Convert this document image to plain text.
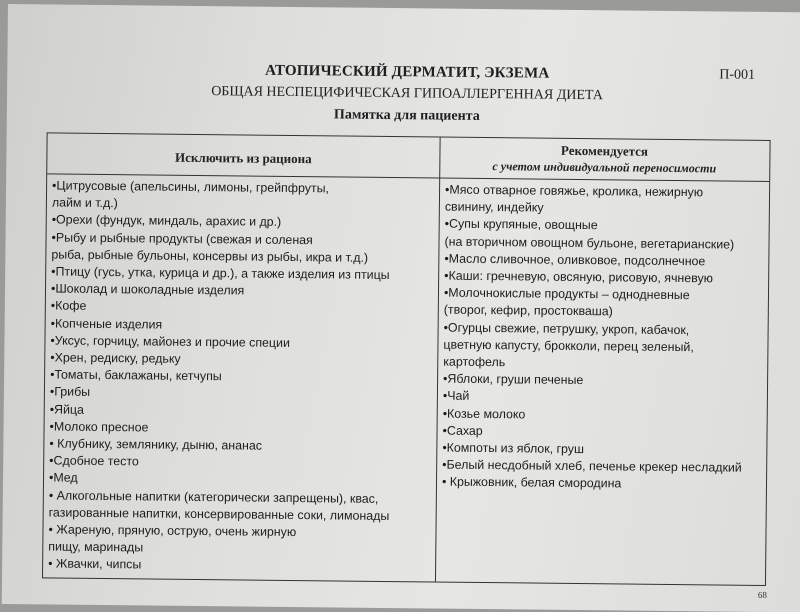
П-001
АТОПИЧЕСКИЙ ДЕРМАТИТ, ЭКЗЕМА
ОБЩАЯ НЕСПЕЦИФИЧЕСКАЯ ГИПОАЛЛЕРГЕННАЯ ДИЕТА
Памятка для пациента
Исключить из рациона	Рекомендуется
с учетом индивидуальной переносимости
•Цитрусовые (апельсины, лимоны, грейпфруты,
лайм и т.д.)
•Орехи (фундук, миндаль, арахис и др.)
•Рыбу и рыбные продукты (свежая и соленая
рыба, рыбные бульоны, консервы из рыбы, икра и т.д.)
•Птицу (гусь, утка, курица и др.), а также изделия из птицы
•Шоколад и шоколадные изделия
•Кофе
•Копченые изделия
•Уксус, горчицу, майонез и прочие специи
•Хрен, редиску, редьку
•Томаты, баклажаны, кетчупы
•Грибы
•Яйца
•Молоко пресное
• Клубнику, землянику, дыню, ананас
•Сдобное тесто
•Мед
• Алкогольные напитки (категорически запрещены), квас,
газированные напитки, консервированные соки, лимонады
• Жареную, пряную, острую, очень жирную
пищу, маринады
• Жвачки, чипсы
•Мясо отварное говяжье, кролика, нежирную
свинину, индейку
•Супы крупяные, овощные
(на вторичном овощном бульоне, вегетарианские)
•Масло сливочное, оливковое, подсолнечное
•Каши: гречневую, овсяную, рисовую, ячневую
•Молочнокислые продукты – однодневные
(творог, кефир, простокваша)
•Огурцы свежие, петрушку, укроп, кабачок,
цветную капусту, брокколи, перец зеленый,
картофель
•Яблоки, груши печеные
•Чай
•Козье молоко
•Сахар
•Компоты из яблок, груш
•Белый несдобный хлеб, печенье крекер несладкий
• Крыжовник, белая смородина
68
